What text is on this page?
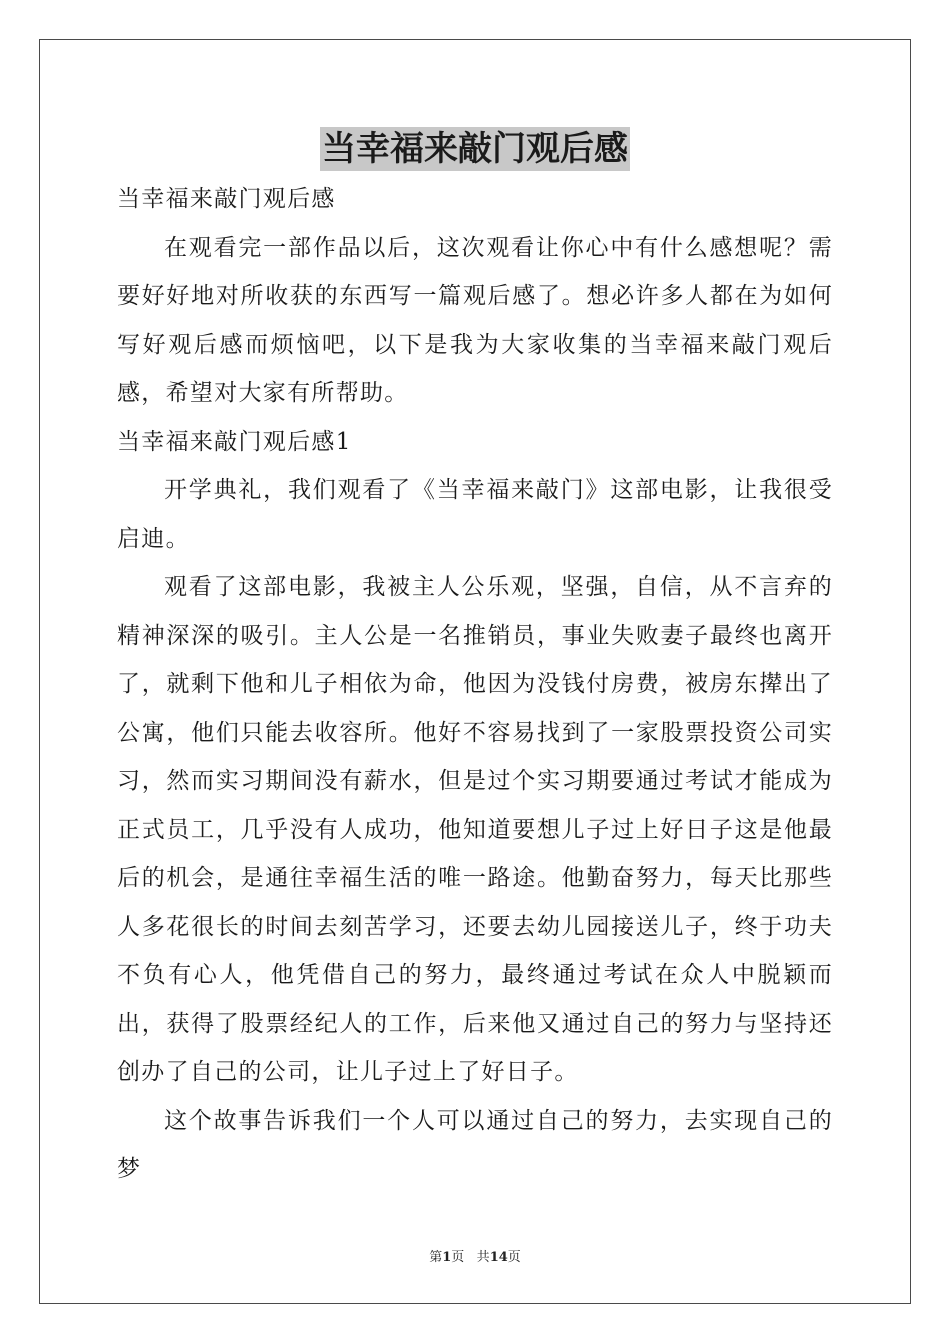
当幸福来敲门观后感

当幸福来敲门观后感

在观看完一部作品以后，这次观看让你心中有什么感想呢？需要好好地对所收获的东西写一篇观后感了。想必许多人都在为如何写好观后感而烦恼吧，以下是我为大家收集的当幸福来敲门观后感，希望对大家有所帮助。

当幸福来敲门观后感1

开学典礼，我们观看了《当幸福来敲门》这部电影，让我很受启迪。

观看了这部电影，我被主人公乐观，坚强，自信，从不言弃的精神深深的吸引。主人公是一名推销员，事业失败妻子最终也离开了，就剩下他和儿子相依为命，他因为没钱付房费，被房东撵出了公寓，他们只能去收容所。他好不容易找到了一家股票投资公司实习，然而实习期间没有薪水，但是过个实习期要通过考试才能成为正式员工，几乎没有人成功，他知道要想儿子过上好日子这是他最后的机会，是通往幸福生活的唯一路途。他勤奋努力，每天比那些人多花很长的时间去刻苦学习，还要去幼儿园接送儿子，终于功夫不负有心人，他凭借自己的努力，最终通过考试在众人中脱颖而出，获得了股票经纪人的工作，后来他又通过自己的努力与坚持还创办了自己的公司，让儿子过上了好日子。

这个故事告诉我们一个人可以通过自己的努力，去实现自己的梦

第1页 共14页
